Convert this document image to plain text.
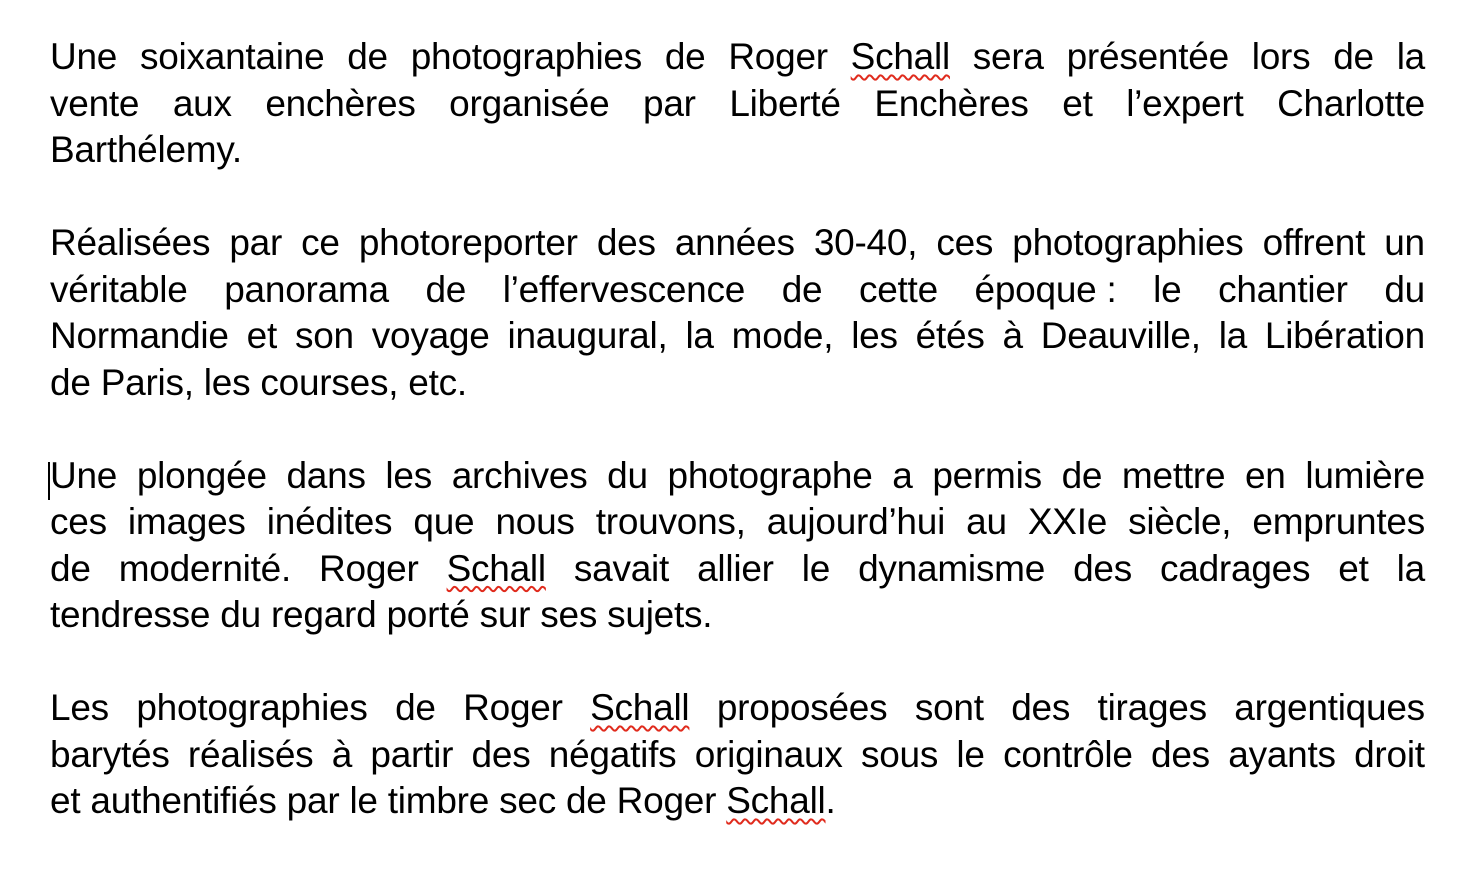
Une soixantaine de photographies de Roger Schall sera présentée lors de la
vente aux enchères organisée par Liberté Enchères et l’expert Charlotte
Barthélemy.
Réalisées par ce photoreporter des années 30-40, ces photographies offrent un
véritable panorama de l’effervescence de cette époque : le chantier du
Normandie et son voyage inaugural, la mode, les étés à Deauville, la Libération
de Paris, les courses, etc.
Une plongée dans les archives du photographe a permis de mettre en lumière
ces images inédites que nous trouvons, aujourd’hui au XXIe siècle, empruntes
de modernité. Roger Schall savait allier le dynamisme des cadrages et la
tendresse du regard porté sur ses sujets.
Les photographies de Roger Schall proposées sont des tirages argentiques
barytés réalisés à partir des négatifs originaux sous le contrôle des ayants droit
et authentifiés par le timbre sec de Roger Schall.
